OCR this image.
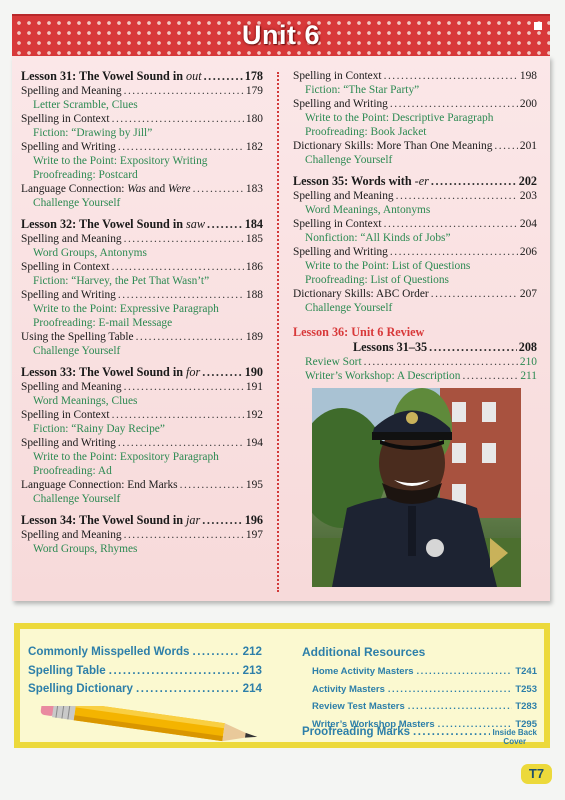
Unit 6
Lesson 31: The Vowel Sound in out .....	178
Spelling and Meaning .....	179
Letter Scramble, Clues
Spelling in Context .....	180
Fiction: “Drawing by Jill”
Spelling and Writing .....	182
Write to the Point: Expository Writing
Proofreading: Postcard
Language Connection: Was and Were .....	183
Challenge Yourself
Lesson 32: The Vowel Sound in saw .....	184
Spelling and Meaning .....	185
Word Groups, Antonyms
Spelling in Context .....	186
Fiction: “Harvey, the Pet That Wasn’t”
Spelling and Writing .....	188
Write to the Point: Expressive Paragraph
Proofreading: E-mail Message
Using the Spelling Table .....	189
Challenge Yourself
Lesson 33: The Vowel Sound in for .....	190
Spelling and Meaning .....	191
Word Meanings, Clues
Spelling in Context .....	192
Fiction: “Rainy Day Recipe”
Spelling and Writing .....	194
Write to the Point: Expository Paragraph
Proofreading: Ad
Language Connection: End Marks .....	195
Challenge Yourself
Lesson 34: The Vowel Sound in jar .....	196
Spelling and Meaning .....	197
Word Groups, Rhymes
Spelling in Context .....	198
Fiction: “The Star Party”
Spelling and Writing .....	200
Write to the Point: Descriptive Paragraph
Proofreading: Book Jacket
Dictionary Skills: More Than One Meaning ..... 201
Challenge Yourself
Lesson 35: Words with -er .....	202
Spelling and Meaning .....	203
Word Meanings, Antonyms
Spelling in Context .....	204
Nonfiction: “All Kinds of Jobs”
Spelling and Writing .....	206
Write to the Point: List of Questions
Proofreading: List of Questions
Dictionary Skills: ABC Order .....	207
Challenge Yourself
Lesson 36: Unit 6 Review
Lessons 31–35 .....	208
Review Sort .....	210
Writer’s Workshop: A Description .....	211
Commonly Misspelled Words .....	212
Spelling Table .....	213
Spelling Dictionary .....	214
Additional Resources
Home Activity Masters .....	T241
Activity Masters .....	T253
Review Test Masters .....	T283
Writer’s Workshop Masters .....	T295
Proofreading Marks .....	Inside Back
Cover
T7
